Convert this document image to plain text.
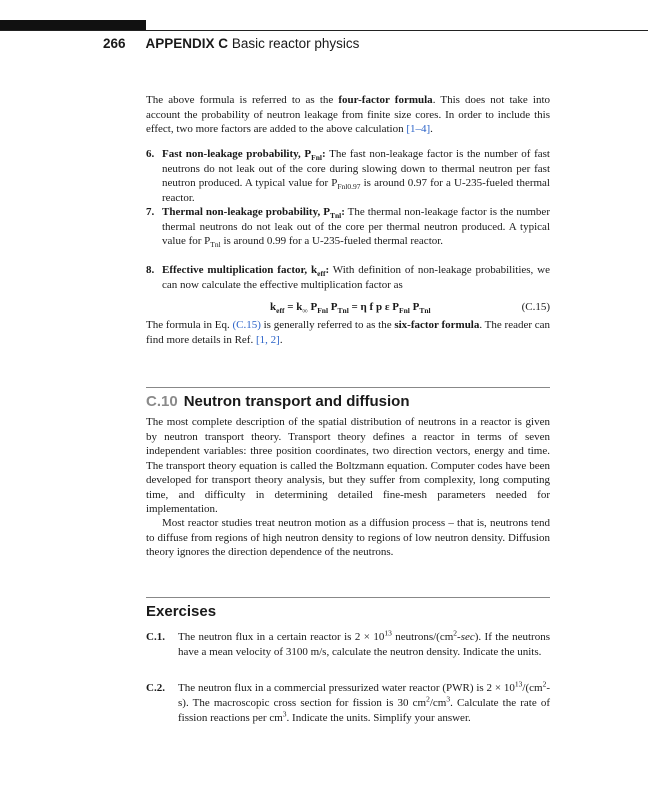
266 APPENDIX C Basic reactor physics
The above formula is referred to as the four-factor formula. This does not take into account the probability of neutron leakage from finite size cores. In order to include this effect, two more factors are added to the above calculation [1–4].
6. Fast non-leakage probability, $P_{Fnl}$: The fast non-leakage factor is the number of fast neutrons do not leak out of the core during slowing down to thermal neutron per fast neutron produced. A typical value for $P_{Fnl0.97}$ is around 0.97 for a U-235-fueled thermal reactor.
7. Thermal non-leakage probability, $P_{Tnl}$: The thermal non-leakage factor is the number thermal neutrons do not leak out of the core per thermal neutron produced. A typical value for $P_{Tnl}$ is around 0.99 for a U-235-fueled thermal reactor.
8. Effective multiplication factor, $k_{eff}$: With definition of non-leakage probabilities, we can now calculate the effective multiplication factor as
$k_{eff} = k_\infty$ $P_{Fnl}$ $P_{Tnl} = \eta$ f p ε $P_{Fnl}$ $P_{Tnl}$	(C.15)
The formula in Eq. (C.15) is generally referred to as the six-factor formula. The reader can find more details in Ref. [1, 2].
C.10 Neutron transport and diffusion
The most complete description of the spatial distribution of neutrons in a reactor is given by neutron transport theory. Transport theory defines a reactor in terms of seven independent variables: three position coordinates, two direction vectors, energy and time. The transport theory equation is called the Boltzmann equation. Computer codes have been developed for transport theory analysis, but they suffer from complexity, long computing time, and difficulty in determining detailed fine-mesh parameters needed for implementation.
Most reactor studies treat neutron motion as a diffusion process – that is, neutrons tend to diffuse from regions of high neutron density to regions of low neutron density. Diffusion theory ignores the direction dependence of the neutrons.
Exercises
C.1. The neutron flux in a certain reactor is $2 \times 10^{13}$ neutrons/$(cm^2-\sec)$. If the neutrons have a mean velocity of 3100 m/s, calculate the neutron density. Indicate the units.
C.2. The neutron flux in a commercial pressurized water reactor (PWR) is $2 \times 10^{13}/(cm^2-s)$. The macroscopic cross section for fission is 30 $cm^2/cm^3$. Calculate the rate of fission reactions per $cm^3$. Indicate the units. Simplify your answer.
